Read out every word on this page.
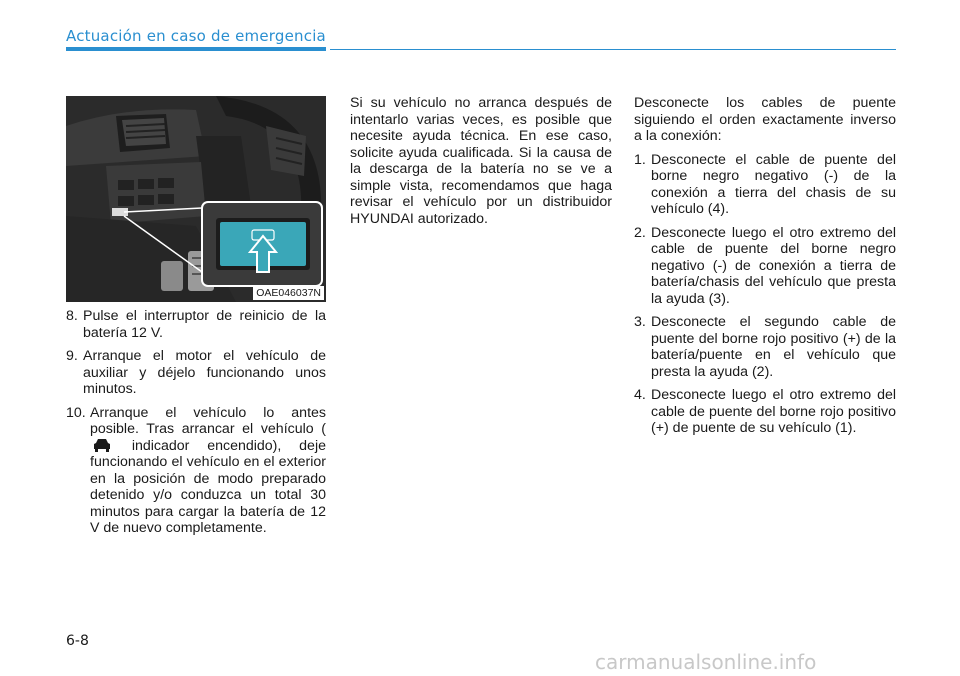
Actuación en caso de emergencia
OAE046037N
8. Pulse el interruptor de reinicio de la batería 12 V.
9. Arranque el motor el vehículo de auxiliar y déjelo funcionando unos minutos.
10. Arranque el vehículo lo antes posible. Tras arrancar el vehículo ( indicador encendido), deje funcionando el vehículo en el exterior en la posición de modo preparado detenido y/o conduzca un total 30 minutos para cargar la batería de 12 V de nuevo completamente.

Si su vehículo no arranca después de intentarlo varias veces, es posible que necesite ayuda técnica. En ese caso, solicite ayuda cualificada. Si la causa de la descarga de la batería no se ve a simple vista, recomendamos que haga revisar el vehículo por un distribuidor HYUNDAI autorizado.

Desconecte los cables de puente siguiendo el orden exactamente inverso a la conexión:

1. Desconecte el cable de puente del borne negro negativo (-) de la conexión a tierra del chasis de su vehículo (4).
2. Desconecte luego el otro extremo del cable de puente del borne negro negativo (-) de conexión a tierra de batería/chasis del vehículo que presta la ayuda (3).
3. Desconecte el segundo cable de puente del borne rojo positivo (+) de la batería/puente en el vehículo que presta la ayuda (2).
4. Desconecte luego el otro extremo del cable de puente del borne rojo positivo (+) de puente de su vehículo (1).
6-8
carmanualsonline.info
